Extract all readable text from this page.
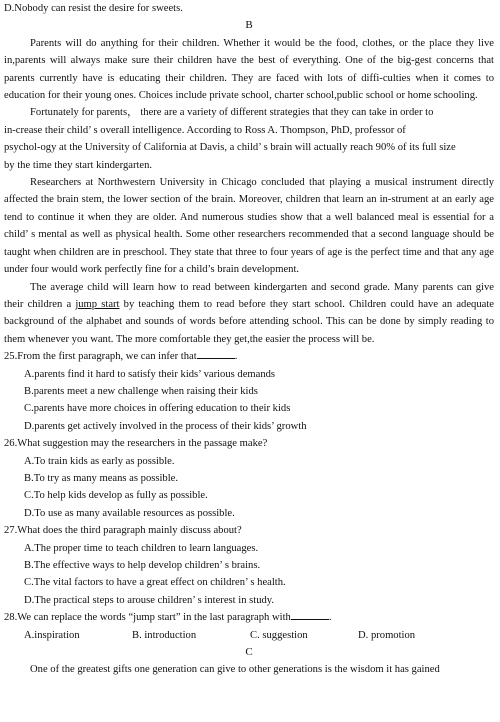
D.Nobody can resist the desire for sweets.
B

Parents will do anything for their children. Whether it would be the food, clothes, or the place they live in,parents will always make sure their children have the best of everything. One of the big-gest concerns that parents currently have is educating their children. They are faced with lots of diffi-culties when it comes to education for their young ones. Choices include private school, charter school,public school or home schooling.

Fortunately for parents， there are a variety of different strategies that they can take in order to
in-crease their child’ s overall intelligence. According to Ross A. Thompson, PhD, professor of
psychol-ogy at the University of California at Davis, a child’ s brain will actually reach 90% of its full size
by the time they start kindergarten.

Researchers at Northwestern University in Chicago concluded that playing a musical instrument directly affected the brain stem, the lower section of the brain. Moreover, children that learn an in-strument at an early age tend to continue it when they are older. And numerous studies show that a well balanced meal is essential for a child’ s mental as well as physical health. Some other researchers recommended that a second language should be taught when children are in preschool. They state that three to four years of age is the perfect time and that any age under four would work perfectly fine for a child’s brain development.

The average child will learn how to read between kindergarten and second grade. Many parents can give their children a jump start by teaching them to read before they start school. Children could have an adequate background of the alphabet and sounds of words before attending school. This can be done by simply reading to them whenever you want. The more comfortable they get,the easier the process will be.

25.From the first paragraph, we can infer that	.

A.parents find it hard to satisfy their kids’ various demands

B.parents meet a new challenge when raising their kids

C.parents have more choices in offering education to their kids

D.parents get actively involved in the process of their kids’ growth

26.What suggestion may the researchers in the passage make?

A.To train kids as early as possible.

B.To try as many means as possible.

C.To help kids develop as fully as possible.

D.To use as many available resources as possible.

27.What does the third paragraph mainly discuss about?

A.The proper time to teach children to learn languages.

B.The effective ways to help develop children’ s brains.

C.The vital factors to have a great effect on children’ s health.

D.The practical steps to arouse children’ s interest in study.

28.We can replace the words “jump start” in the last paragraph with	.

A.inspiration	B. introduction	C. suggestion	D. promotion
C
One of the greatest gifts one generation can give to other generations is the wisdom it has gained
